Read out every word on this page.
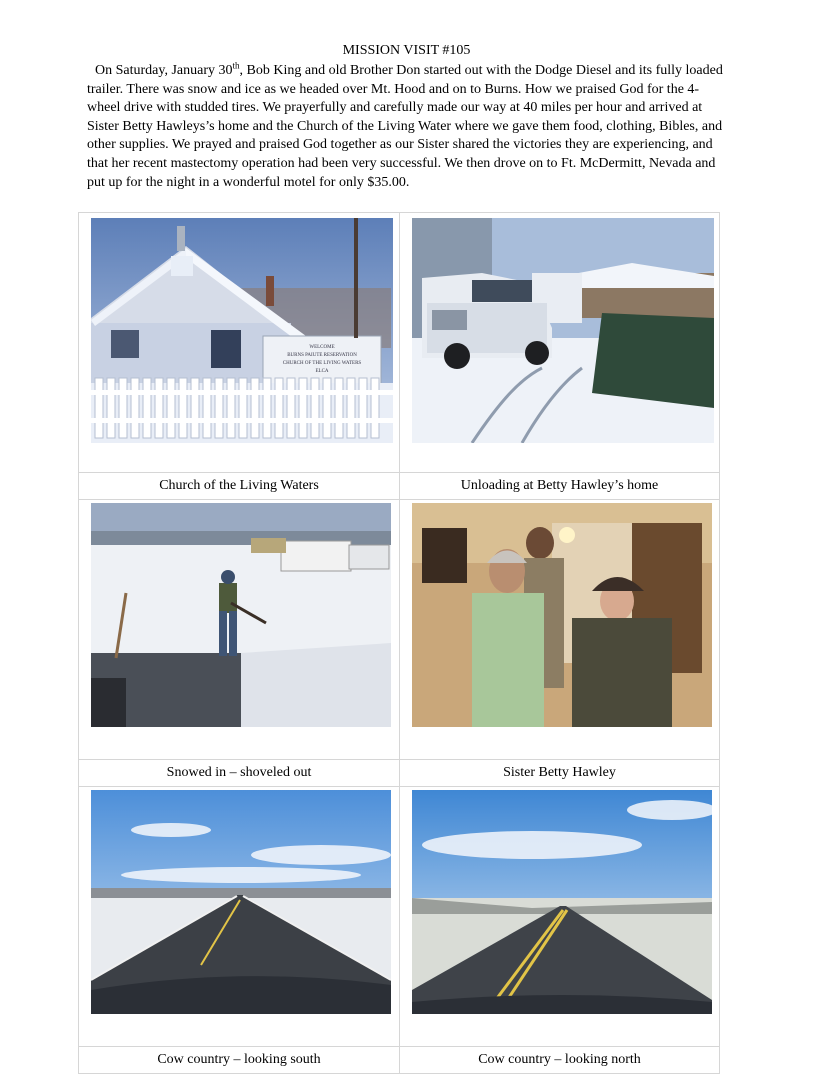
MISSION VISIT #105

On Saturday, January 30th, Bob King and old Brother Don started out with the Dodge Diesel and its fully loaded trailer. There was snow and ice as we headed over Mt. Hood and on to Burns. How we praised God for the 4-wheel drive with studded tires. We prayerfully and carefully made our way at 40 miles per hour and arrived at Sister Betty Hawleys’s home and the Church of the Living Water where we gave them food, clothing, Bibles, and other supplies. We prayed and praised God together as our Sister shared the victories they are experiencing, and that her recent mastectomy operation had been very successful. We then drove on to Ft. McDermitt, Nevada and put up for the night in a wonderful motel for only $35.00.

WELCOME
BURNS PAIUTE RESERVATION
CHURCH OF THE LIVING WATERS
ELCA

Church of the Living Waters	Unloading at Betty Hawley’s home

Snowed in – shoveled out	Sister Betty Hawley

Cow country – looking south	Cow country – looking north
